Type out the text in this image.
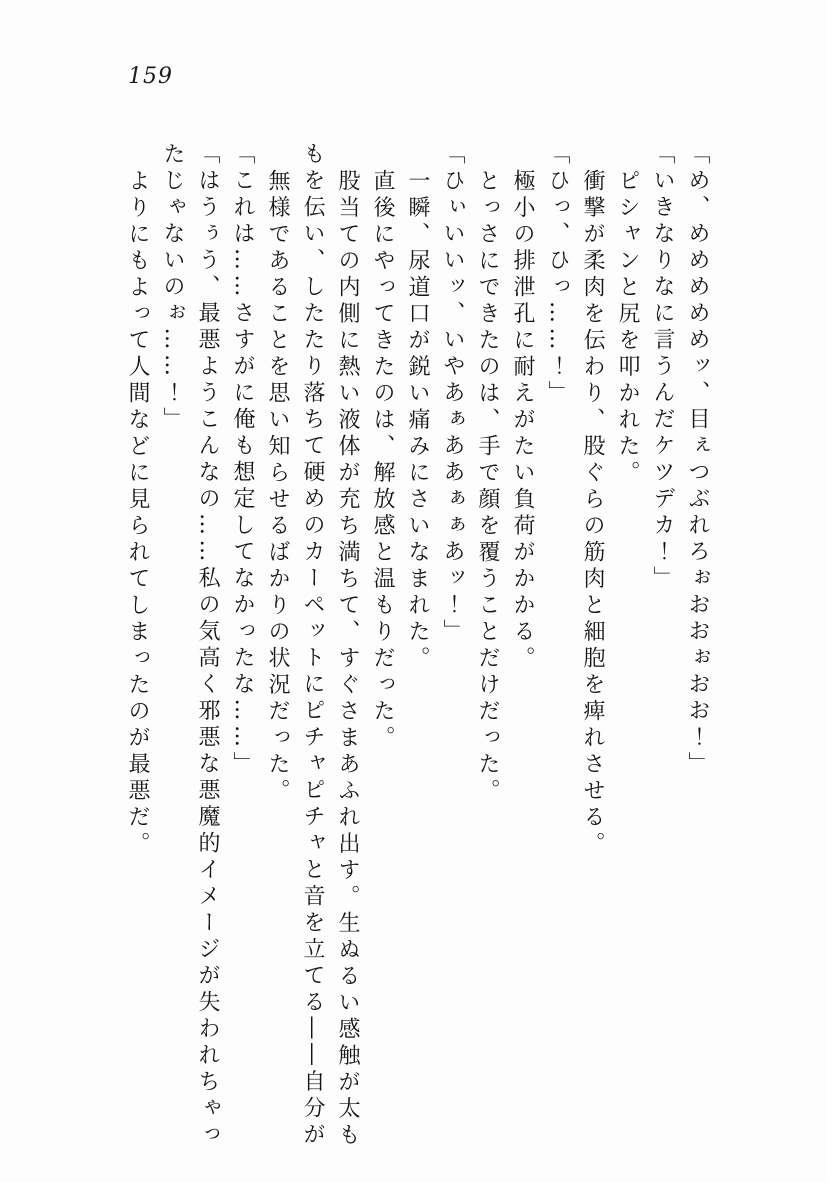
159
「め、めめめめめッ、目ぇつぶれろぉおおぉおお！」
「いきなりなに言うんだケツデカ！」
ピシャンと尻を叩かれた。
衝撃が柔肉を伝わり、股ぐらの筋肉と細胞を痺れさせる。
「ひっ、ひっ……！」
極小の排泄孔に耐えがたい負荷がかかる。
とっさにできたのは、手で顔を覆うことだけだった。
「ひぃいいッ、いやあぁああぁぁあッ！」
一瞬、尿道口が鋭い痛みにさいなまれた。
直後にやってきたのは、解放感と温もりだった。
股当ての内側に熱い液体が充ち満ちて、すぐさまあふれ出す。生ぬるい感触が太も
もを伝い、したたり落ちて硬めのカーペットにピチャピチャと音を立てる――自分が
無様であることを思い知らせるばかりの状況だった。
「これは……さすがに俺も想定してなかったな……」
「はうぅう、最悪ようこんなの……私の気高く邪悪な悪魔的イメージが失われちゃっ
たじゃないのぉ……！」
よりにもよって人間などに見られてしまったのが最悪だ。
